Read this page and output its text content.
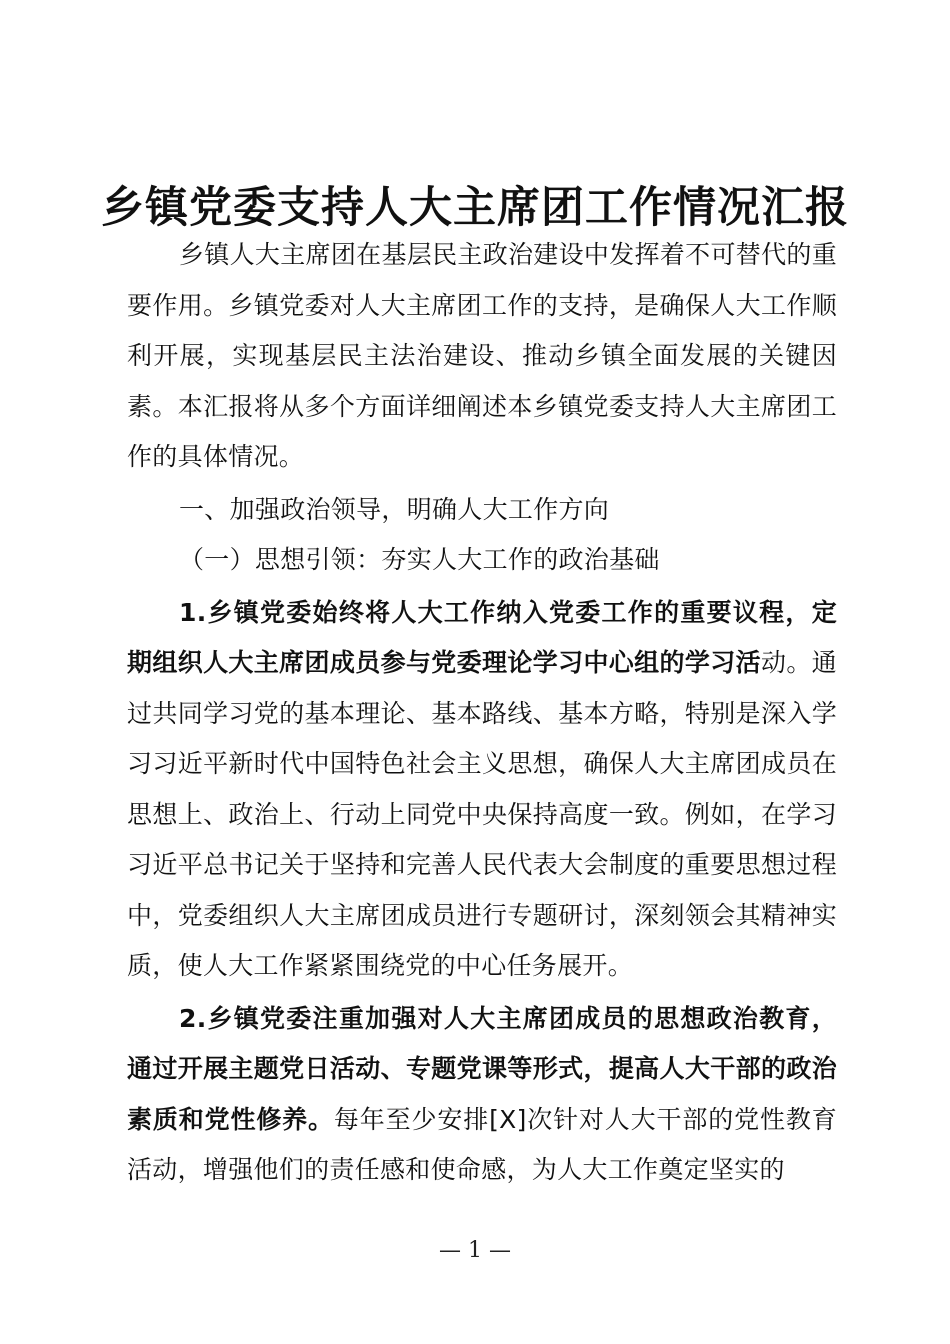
乡镇党委支持人大主席团工作情况汇报

乡镇人大主席团在基层民主政治建设中发挥着不可替代的重要作用。乡镇党委对人大主席团工作的支持，是确保人大工作顺利开展，实现基层民主法治建设、推动乡镇全面发展的关键因素。本汇报将从多个方面详细阐述本乡镇党委支持人大主席团工作的具体情况。

一、加强政治领导，明确人大工作方向

（一）思想引领：夯实人大工作的政治基础

1.乡镇党委始终将人大工作纳入党委工作的重要议程，定期组织人大主席团成员参与党委理论学习中心组的学习活动。通过共同学习党的基本理论、基本路线、基本方略，特别是深入学习习近平新时代中国特色社会主义思想，确保人大主席团成员在思想上、政治上、行动上同党中央保持高度一致。例如，在学习习近平总书记关于坚持和完善人民代表大会制度的重要思想过程中，党委组织人大主席团成员进行专题研讨，深刻领会其精神实质，使人大工作紧紧围绕党的中心任务展开。

2.乡镇党委注重加强对人大主席团成员的思想政治教育，通过开展主题党日活动、专题党课等形式，提高人大干部的政治素质和党性修养。每年至少安排[X]次针对人大干部的党性教育活动，增强他们的责任感和使命感，为人大工作奠定坚实的

— 1 —
